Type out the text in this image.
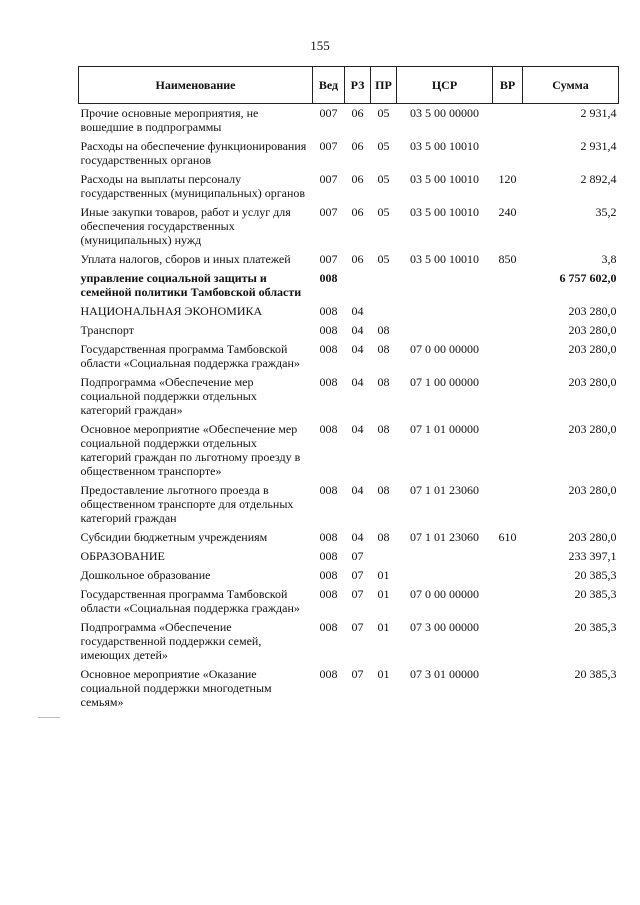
155
Наименование	Вед	РЗ	ПР	ЦСР	ВР	Сумма
Прочие основные мероприятия, не вошедшие в подпрограммы	007	06	05	03 5 00 00000		2 931,4
Расходы на обеспечение функционирования государственных органов	007	06	05	03 5 00 10010		2 931,4
Расходы на выплаты персоналу государственных (муниципальных) органов	007	06	05	03 5 00 10010	120	2 892,4
Иные закупки товаров, работ и услуг для обеспечения государственных (муниципальных) нужд	007	06	05	03 5 00 10010	240	35,2
Уплата налогов, сборов и иных платежей	007	06	05	03 5 00 10010	850	3,8
управление социальной защиты и семейной политики Тамбовской области	008					6 757 602,0
НАЦИОНАЛЬНАЯ ЭКОНОМИКА	008	04				203 280,0
Транспорт	008	04	08			203 280,0
Государственная программа Тамбовской области «Социальная поддержка граждан»	008	04	08	07 0 00 00000		203 280,0
Подпрограмма «Обеспечение мер социальной поддержки отдельных категорий граждан»	008	04	08	07 1 00 00000		203 280,0
Основное мероприятие «Обеспечение мер социальной поддержки отдельных категорий граждан по льготному проезду в общественном транспорте»	008	04	08	07 1 01 00000		203 280,0
Предоставление льготного проезда в общественном транспорте для отдельных категорий граждан	008	04	08	07 1 01 23060		203 280,0
Субсидии бюджетным учреждениям	008	04	08	07 1 01 23060	610	203 280,0
ОБРАЗОВАНИЕ	008	07				233 397,1
Дошкольное образование	008	07	01			20 385,3
Государственная программа Тамбовской области «Социальная поддержка граждан»	008	07	01	07 0 00 00000		20 385,3
Подпрограмма «Обеспечение государственной поддержки семей, имеющих детей»	008	07	01	07 3 00 00000		20 385,3
Основное мероприятие «Оказание социальной поддержки многодетным семьям»	008	07	01	07 3 01 00000		20 385,3
